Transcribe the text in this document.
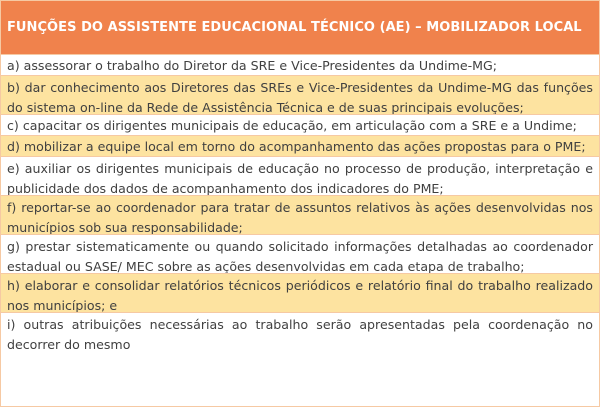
FUNÇÕES DO ASSISTENTE EDUCACIONAL TÉCNICO (AE) – MOBILIZADOR LOCAL
a) assessorar o trabalho do Diretor da SRE e Vice-Presidentes da Undime-MG;
b) dar conhecimento aos Diretores das SREs e Vice-Presidentes da Undime-MG das funções do sistema on-line da Rede de Assistência Técnica e de suas principais evoluções;
c) capacitar os dirigentes municipais de educação, em articulação com a SRE e a Undime;
d) mobilizar a equipe local em torno do acompanhamento das ações propostas para o PME;
e) auxiliar os dirigentes municipais de educação no processo de produção, interpretação e publicidade dos dados de acompanhamento dos indicadores do PME;
f) reportar-se ao coordenador para tratar de assuntos relativos às ações desenvolvidas nos municípios sob sua responsabilidade;
g) prestar sistematicamente ou quando solicitado informações detalhadas ao coordenador estadual ou SASE/ MEC sobre as ações desenvolvidas em cada etapa de trabalho;
h) elaborar e consolidar relatórios técnicos periódicos e relatório final do trabalho realizado nos municípios; e
i) outras atribuições necessárias ao trabalho serão apresentadas pela coordenação no decorrer do mesmo
